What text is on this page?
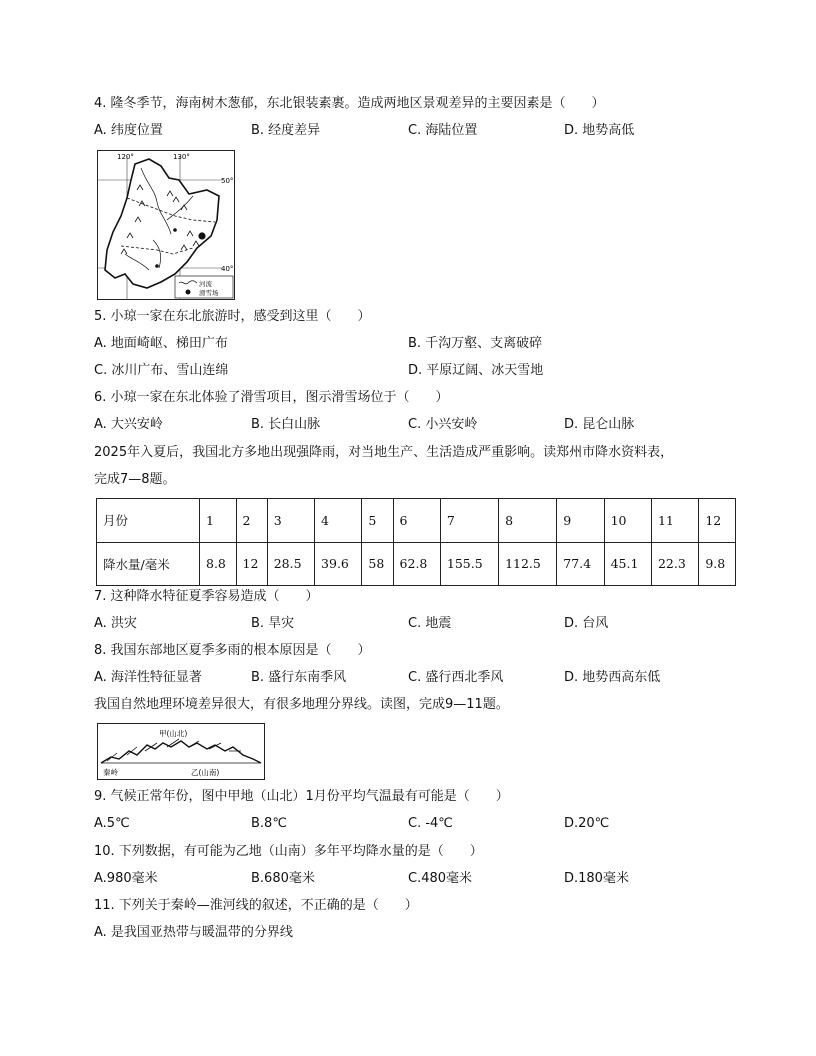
4. 隆冬季节，海南树木葱郁，东北银装素裹。造成两地区景观差异的主要因素是（　　）
A. 纬度位置	B. 经度差异	C. 海陆位置	D. 地势高低
120°	130°
50°
40°
河流
滑雪场
5. 小琼一家在东北旅游时，感受到这里（　　）
A. 地面崎岖、梯田广布	B. 千沟万壑、支离破碎
C. 冰川广布、雪山连绵	D. 平原辽阔、冰天雪地
6. 小琼一家在东北体验了滑雪项目，图示滑雪场位于（　　）
A. 大兴安岭	B. 长白山脉	C. 小兴安岭	D. 昆仑山脉
2025年入夏后，我国北方多地出现强降雨，对当地生产、生活造成严重影响。读郑州市降水资料表，
完成7—8题。
月份	1	2	3	4	5	6	7	8	9	10	11	12
降水量/毫米	8.8	12	28.5	39.6	58	62.8	155.5	112.5	77.4	45.1	22.3	9.8
7. 这种降水特征夏季容易造成（　　）
A. 洪灾	B. 旱灾	C. 地震	D. 台风
8. 我国东部地区夏季多雨的根本原因是（　　）
A. 海洋性特征显著	B. 盛行东南季风	C. 盛行西北季风	D. 地势西高东低
我国自然地理环境差异很大，有很多地理分界线。读图，完成9—11题。
甲(山北)
秦岭	乙(山南)
9. 气候正常年份，图中甲地（山北）1月份平均气温最有可能是（　　）
A.5℃	B.8℃	C. -4℃	D.20℃
10. 下列数据，有可能为乙地（山南）多年平均降水量的是（　　）
A.980毫米	B.680毫米	C.480毫米	D.180毫米
11. 下列关于秦岭—淮河线的叙述，不正确的是（　　）
A. 是我国亚热带与暖温带的分界线
